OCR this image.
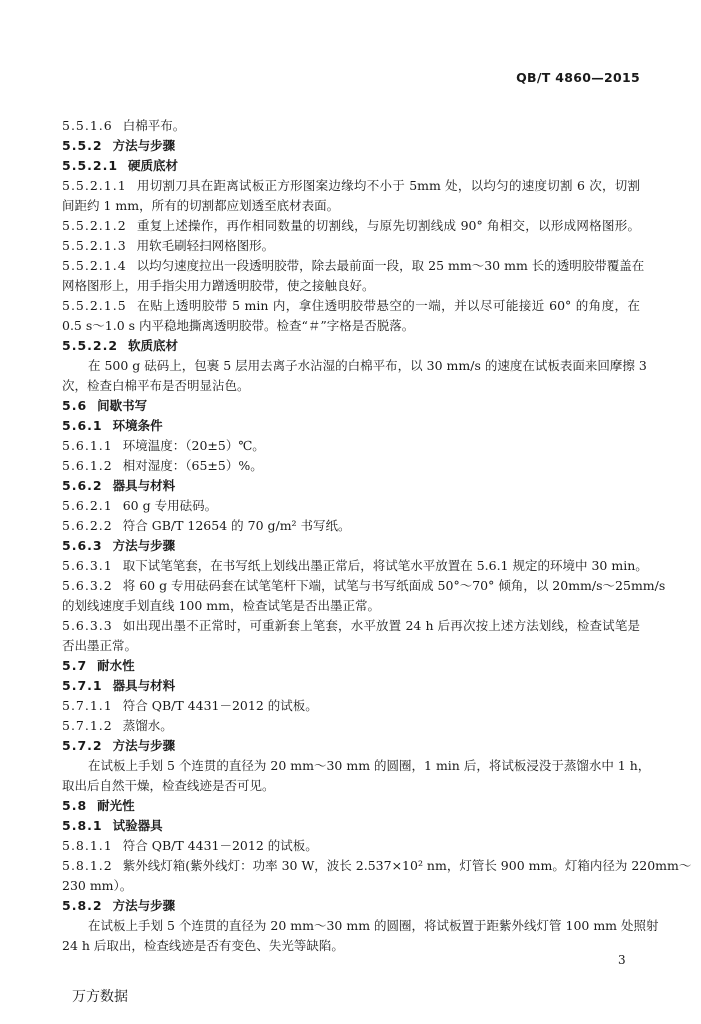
QB/T 4860—2015
5.5.1.6 白棉平布。
5.5.2 方法与步骤
5.5.2.1 硬质底材
5.5.2.1.1 用切割刀具在距离试板正方形图案边缘均不小于 5mm 处，以均匀的速度切割 6 次，切割
间距约 1 mm，所有的切割都应划透至底材表面。
5.5.2.1.2 重复上述操作，再作相同数量的切割线，与原先切割线成 90° 角相交，以形成网格图形。
5.5.2.1.3 用软毛刷轻扫网格图形。
5.5.2.1.4 以均匀速度拉出一段透明胶带，除去最前面一段，取 25 mm～30 mm 长的透明胶带覆盖在
网格图形上，用手指尖用力蹭透明胶带，使之接触良好。
5.5.2.1.5 在贴上透明胶带 5 min 内，拿住透明胶带悬空的一端，并以尽可能接近 60° 的角度，在
0.5 s～1.0 s 内平稳地撕离透明胶带。检查“＃”字格是否脱落。
5.5.2.2 软质底材
在 500 g 砝码上，包裹 5 层用去离子水沾湿的白棉平布，以 30 mm/s 的速度在试板表面来回摩擦 3
次，检查白棉平布是否明显沾色。
5.6 间歇书写
5.6.1 环境条件
5.6.1.1 环境温度：（20±5）℃。
5.6.1.2 相对湿度：（65±5）%。
5.6.2 器具与材料
5.6.2.1 60 g 专用砝码。
5.6.2.2 符合 GB/T 12654 的 70 g/m² 书写纸。
5.6.3 方法与步骤
5.6.3.1 取下试笔笔套，在书写纸上划线出墨正常后，将试笔水平放置在 5.6.1 规定的环境中 30 min。
5.6.3.2 将 60 g 专用砝码套在试笔笔杆下端，试笔与书写纸面成 50°～70° 倾角，以 20mm/s～25mm/s
的划线速度手划直线 100 mm，检查试笔是否出墨正常。
5.6.3.3 如出现出墨不正常时，可重新套上笔套，水平放置 24 h 后再次按上述方法划线，检查试笔是
否出墨正常。
5.7 耐水性
5.7.1 器具与材料
5.7.1.1 符合 QB/T 4431－2012 的试板。
5.7.1.2 蒸馏水。
5.7.2 方法与步骤
在试板上手划 5 个连贯的直径为 20 mm～30 mm 的圆圈，1 min 后，将试板浸没于蒸馏水中 1 h，
取出后自然干燥，检查线迹是否可见。
5.8 耐光性
5.8.1 试验器具
5.8.1.1 符合 QB/T 4431－2012 的试板。
5.8.1.2 紫外线灯箱(紫外线灯：功率 30 W，波长 2.537×10² nm，灯管长 900 mm。灯箱内径为 220mm～
230 mm）。
5.8.2 方法与步骤
在试板上手划 5 个连贯的直径为 20 mm～30 mm 的圆圈，将试板置于距紫外线灯管 100 mm 处照射
24 h 后取出，检查线迹是否有变色、失光等缺陷。
3
万方数据
